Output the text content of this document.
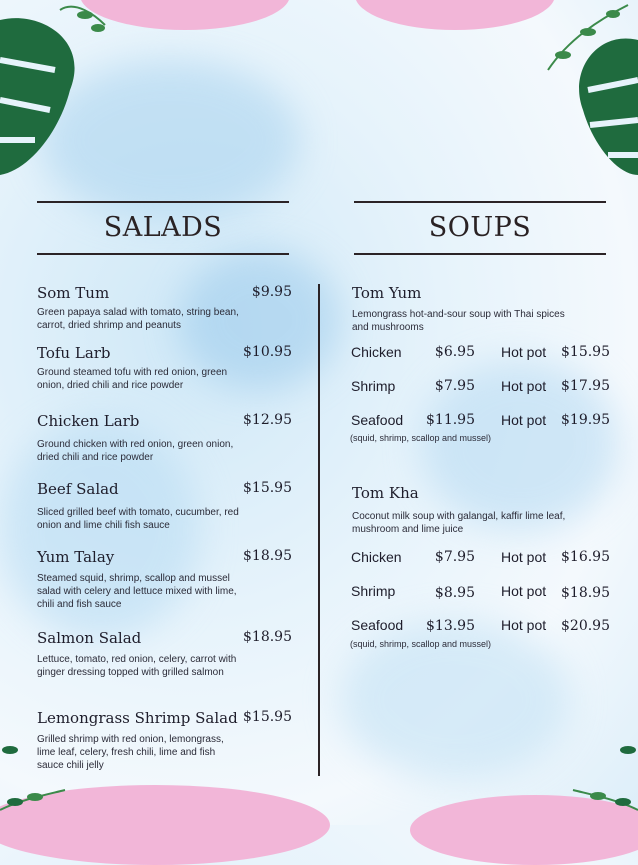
SALADS	SOUPS
Som Tum	$9.95
Green papaya salad with tomato, string bean, carrot, dried shrimp and peanuts
Tofu Larb	$10.95
Ground steamed tofu with red onion, green onion, dried chili and rice powder
Chicken Larb	$12.95
Ground chicken with red onion, green onion, dried chili and rice powder
Beef Salad	$15.95
Sliced grilled beef with tomato, cucumber, red onion and lime chili fish sauce
Yum Talay	$18.95
Steamed squid, shrimp, scallop and mussel salad with celery and lettuce mixed with lime, chili and fish sauce
Salmon Salad	$18.95
Lettuce, tomato, red onion, celery, carrot with ginger dressing topped with grilled salmon
Lemongrass Shrimp Salad $15.95
Grilled shrimp with red onion, lemongrass, lime leaf, celery, fresh chili, lime and fish sauce chili jelly
Tom Yum
Lemongrass hot-and-sour soup with Thai spices and mushrooms
Chicken	$6.95 Hot pot	$15.95
Shrimp	$7.95 Hot pot	$17.95
Seafood	$11.95 Hot pot	$19.95
(squid, shrimp, scallop and mussel)
Tom Kha
Coconut milk soup with galangal, kaffir lime leaf, mushroom and lime juice
Chicken	$7.95 Hot pot	$16.95
Shrimp	$8.95 Hot pot	$18.95
Seafood	$13.95 Hot pot	$20.95
(squid, shrimp, scallop and mussel)
